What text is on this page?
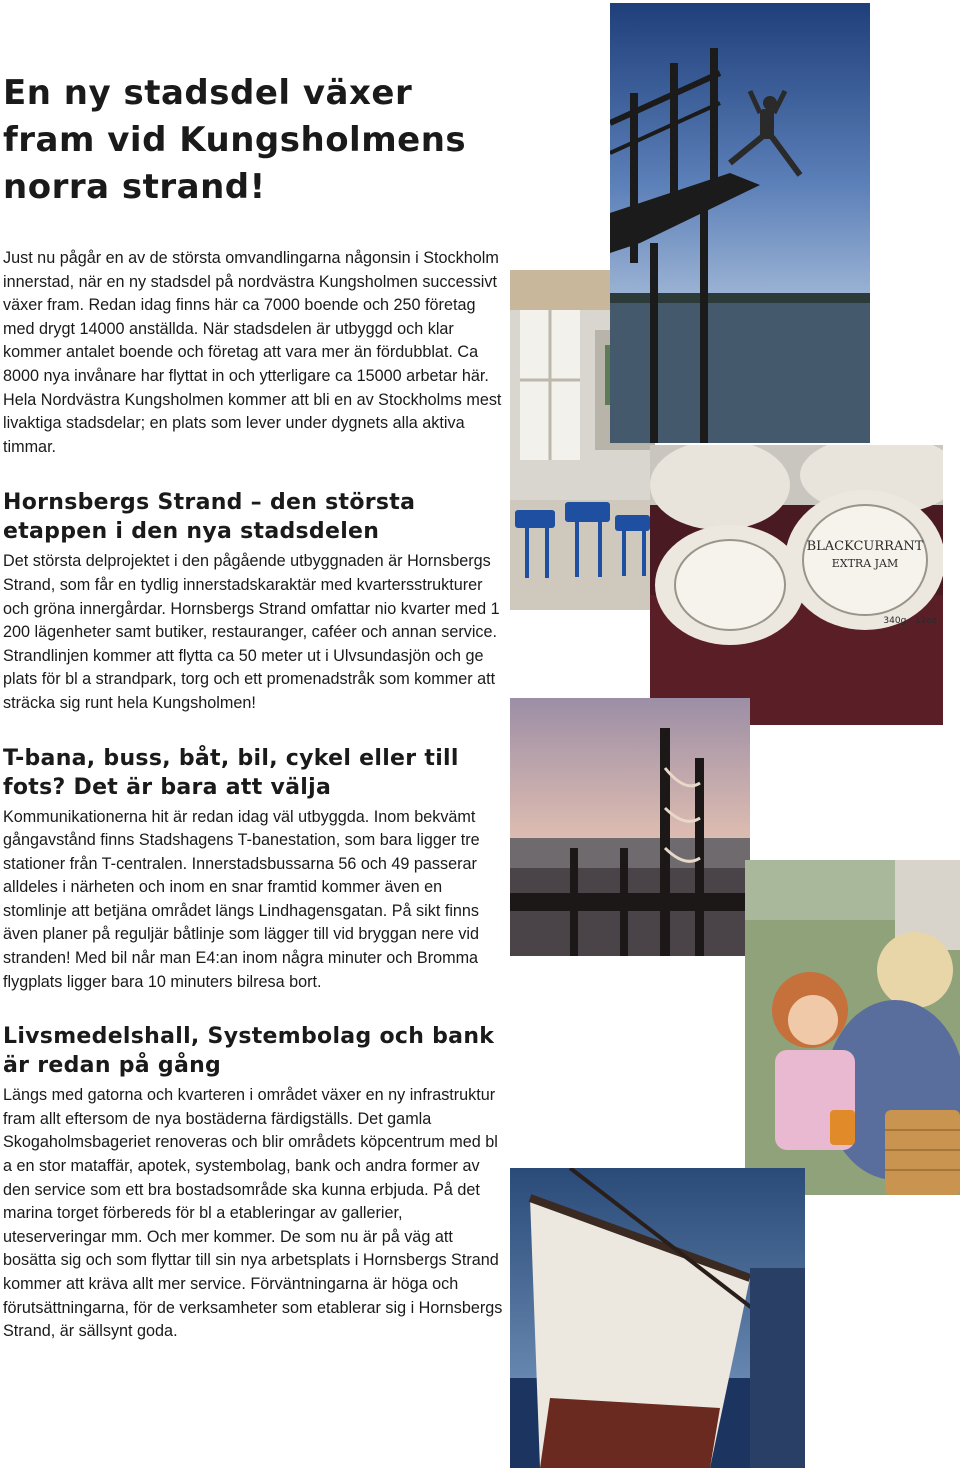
En ny stadsdel växer fram vid Kungsholmens norra strand!

Just nu pågår en av de största omvandlingarna någonsin i Stockholm innerstad, när en ny stadsdel på nordvästra Kungsholmen successivt växer fram. Redan idag finns här ca 7000 boende och 250 företag med drygt 14000 anställda. När stadsdelen är utbyggd och klar kommer antalet boende och företag att vara mer än fördubblat. Ca 8000 nya invånare har flyttat in och ytterligare ca 15000 arbetar här. Hela Nordvästra Kungsholmen kommer att bli en av Stockholms mest livaktiga stadsdelar; en plats som lever under dygnets alla aktiva timmar.

Hornsbergs Strand – den största etappen i den nya stadsdelen

Det största delprojektet i den pågående utbyggnaden är Hornsbergs Strand, som får en tydlig innerstadskaraktär med kvartersstrukturer och gröna innergårdar. Hornsbergs Strand omfattar nio kvarter med 1 200 lägenheter samt butiker, restauranger, caféer och annan service. Strandlinjen kommer att flytta ca 50 meter ut i Ulvsundasjön och ge plats för bl a strandpark, torg och ett promenadstråk som kommer att sträcka sig runt hela Kungsholmen!

T-bana, buss, båt, bil, cykel eller till fots? Det är bara att välja

Kommunikationerna hit är redan idag väl utbyggda. Inom bekvämt gångavstånd finns Stadshagens T-banestation, som bara ligger tre stationer från T-centralen. Innerstadsbussarna 56 och 49 passerar alldeles i närheten och inom en snar framtid kommer även en stomlinje att betjäna området längs Lindhagensgatan. På sikt finns även planer på reguljär båtlinje som lägger till vid bryggan nere vid stranden! Med bil når man E4:an inom några minuter och Bromma flygplats ligger bara 10 minuters bilresa bort.

Livsmedelshall, Systembolag och bank är redan på gång

Längs med gatorna och kvarteren i området växer en ny infrastruktur fram allt eftersom de nya bostäderna färdigställs. Det gamla Skogaholmsbageriet renoveras och blir områdets köpcentrum med bl a en stor mataffär, apotek, systembolag, bank och andra former av den service som ett bra bostadsområde ska kunna erbjuda. På det marina torget förbereds för bl a etableringar av gallerier, uteserveringar mm. Och mer kommer. De som nu är på väg att bosätta sig och som flyttar till sin nya arbetsplats i Hornsbergs Strand kommer att kräva allt mer service. Förväntningarna är höga och förutsättningarna, för de verksamheter som etablerar sig i Hornsbergs Strand, är sällsynt goda.

BLACKCURRANT
EXTRA JAM
340g · 12oz
